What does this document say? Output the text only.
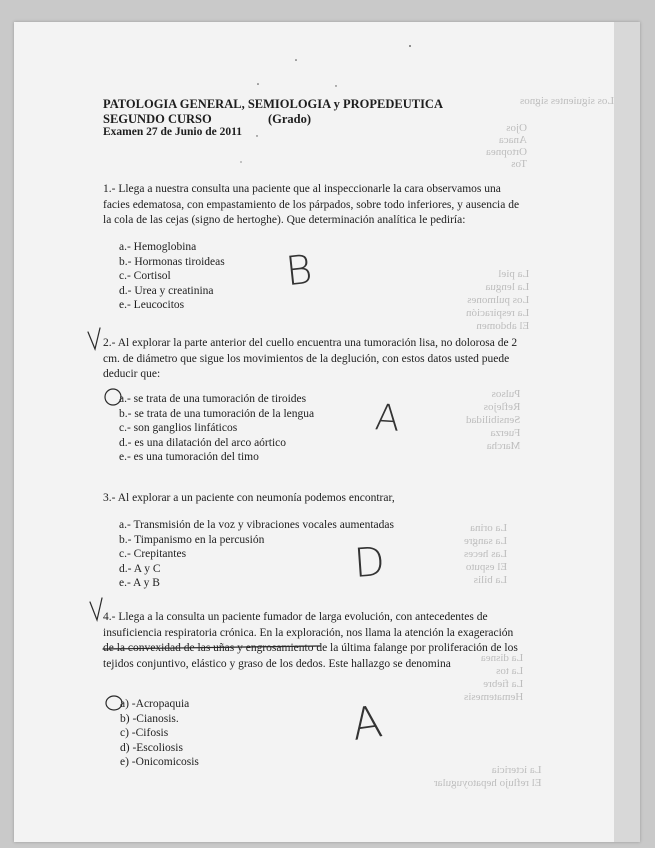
Los siguientes signos
Ojos
Anaca
Ortopnea
Tos
La piel
La lengua
Los pulmones
La respiración
El abdomen
Pulsos
Reflejos
Sensibilidad
Fuerza
Marcha
La orina
La sangre
Las heces
El esputo
La bilis
La disnea
La tos
La fiebre
Hematemesis
La ictericia
El reflujo hepatoyugular
PATOLOGIA GENERAL, SEMIOLOGIA y PROPEDEUTICA
SEGUNDO CURSO	(Grado)
Examen 27 de Junio de 2011
1.- Llega a nuestra consulta una paciente que al inspeccionarle la cara observamos una facies edematosa, con empastamiento de los párpados, sobre todo inferiores, y ausencia de la cola de las cejas (signo de hertoghe). Que determinación analítica le pediría:
a.- Hemoglobina
b.- Hormonas tiroideas
c.- Cortisol
d.- Urea y creatinina
e.- Leucocitos
B
2.- Al explorar la parte anterior del cuello encuentra una tumoración lisa, no dolorosa de 2 cm. de diámetro que sigue los movimientos de la deglución, con estos datos usted puede deducir que:
a.- se trata de una tumoración de tiroides
b.- se trata de una tumoración de la lengua
c.- son ganglios linfáticos
d.- es una dilatación del arco aórtico
e.- es una tumoración del timo
A
3.- Al explorar a un paciente con neumonía podemos encontrar,
a.- Transmisión de la voz y vibraciones vocales aumentadas
b.- Timpanismo en la percusión
c.- Crepitantes
d.- A y C
e.- A y B	D
4.- Llega a la consulta un paciente fumador de larga evolución, con antecedentes de insuficiencia respiratoria crónica. En la exploración, nos llama la atención la exageración de la convexidad de las uñas y engrosamiento de la última falange por proliferación de los tejidos conjuntivo, elástico y graso de los dedos. Este hallazgo se denomina
a) -Acropaquia
b) -Cianosis.
c) -Cifosis
d) -Escoliosis
e) -Onicomicosis
A
